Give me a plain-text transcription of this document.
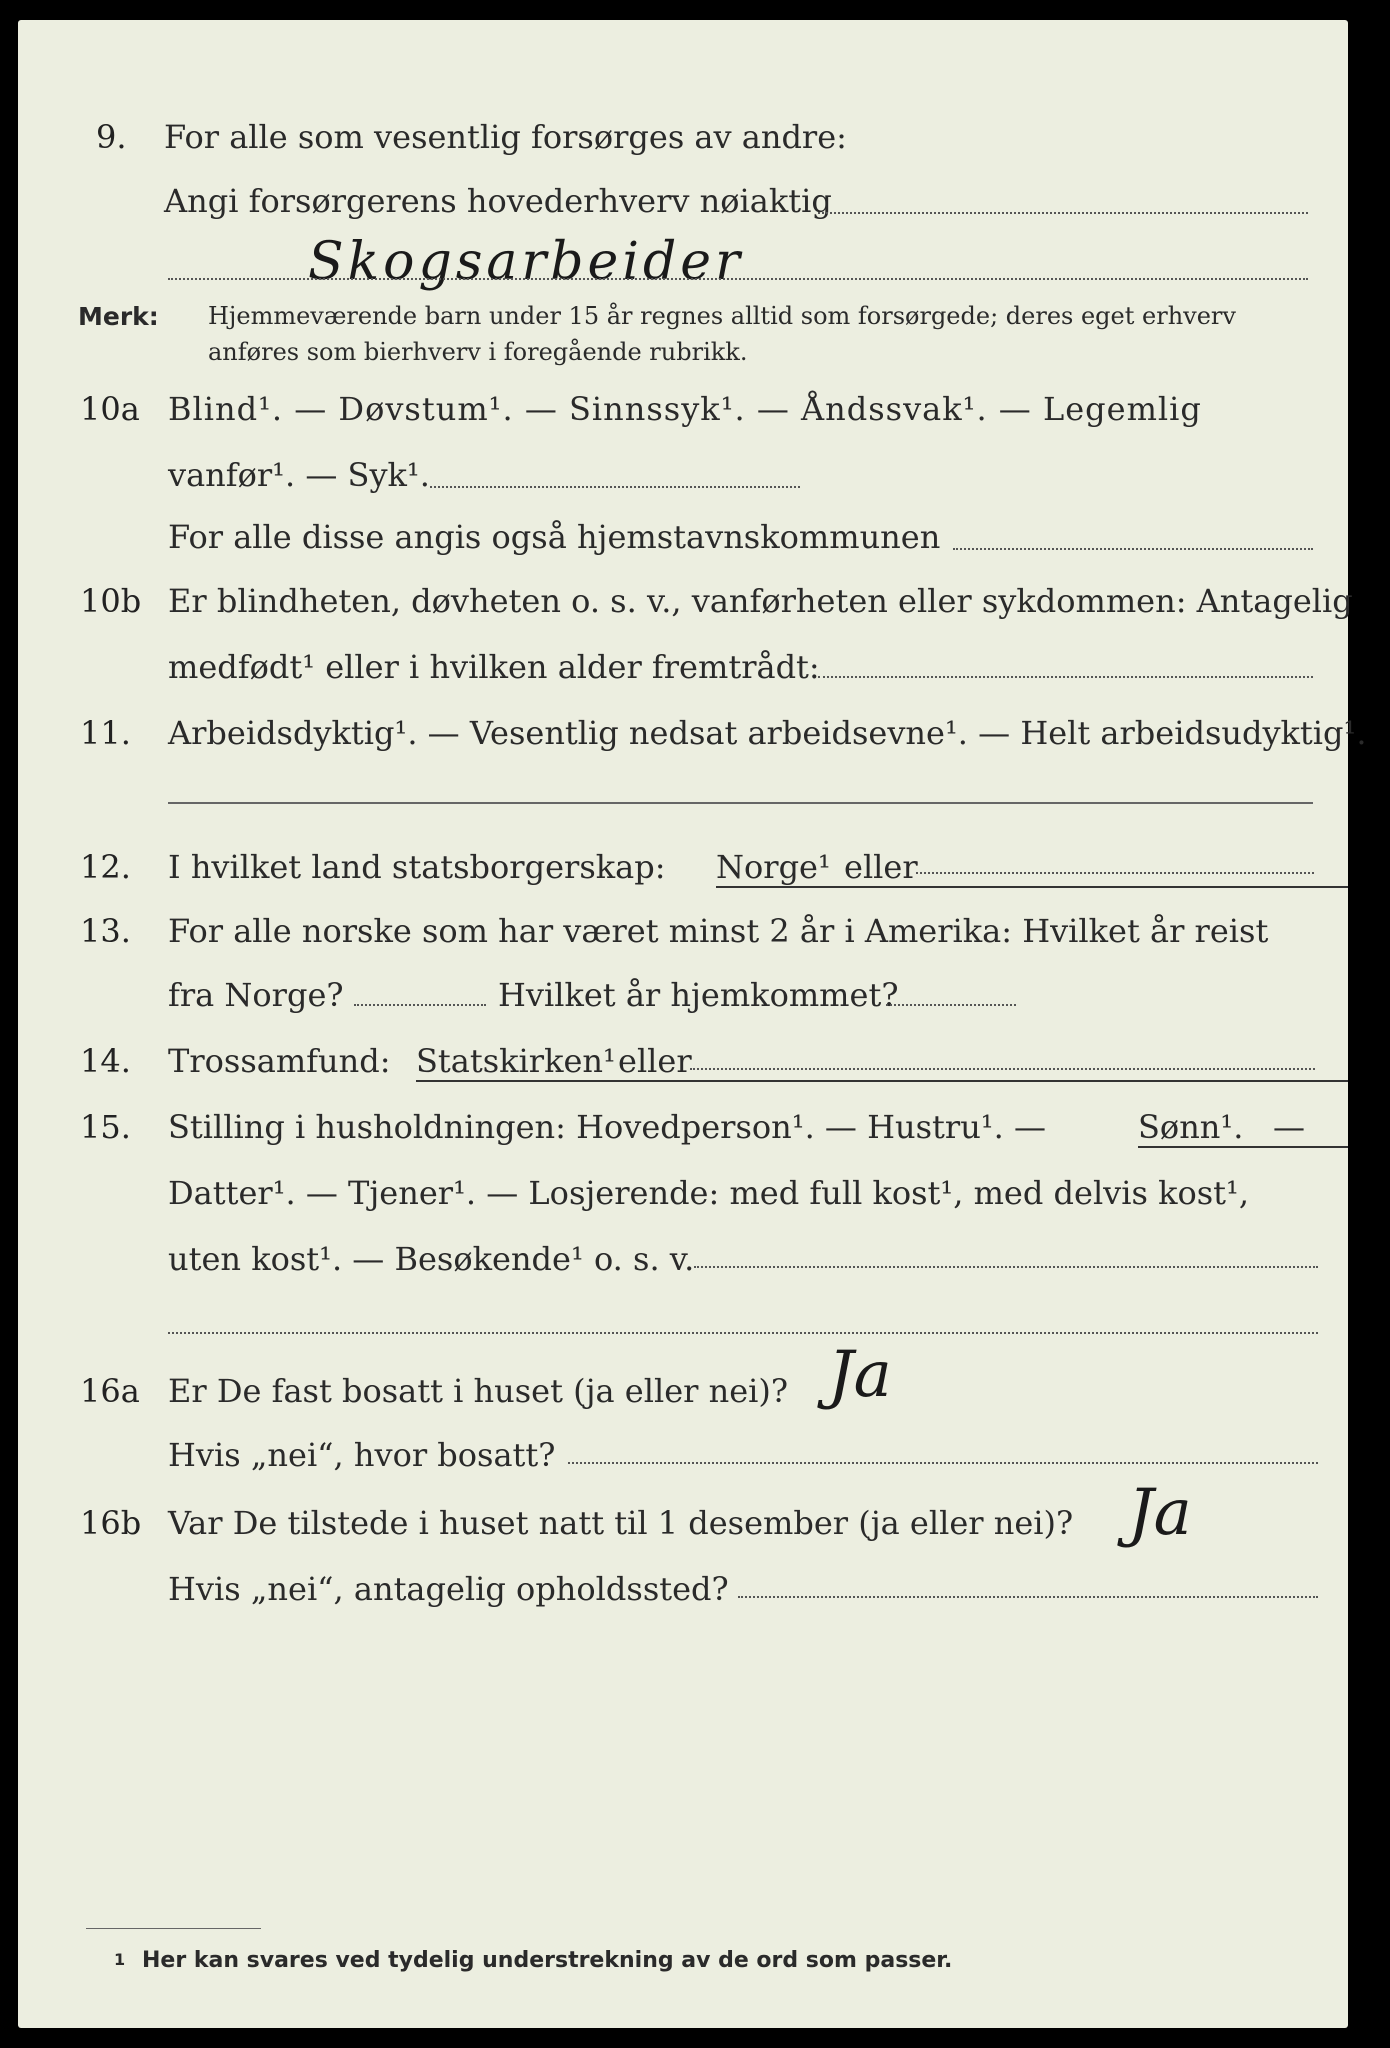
9. For alle som vesentlig forsørges av andre:
Angi forsørgerens hovederhverv nøiaktig
Skogsarbeider
Merk: Hjemmeværende barn under 15 år regnes alltid som forsørgede; deres eget erhverv
anføres som bierhverv i foregående rubrikk.
10a Blind¹. — Døvstum¹. — Sinnssyk¹. — Åndssvak¹. — Legemlig
vanfør¹. — Syk¹.
For alle disse angis også hjemstavnskommunen
10b Er blindheten, døvheten o. s. v., vanførheten eller sykdommen: Antagelig
medfødt¹ eller i hvilken alder fremtrådt:
11. Arbeidsdyktig¹. — Vesentlig nedsat arbeidsevne¹. — Helt arbeidsudyktig¹.
12. I hvilket land statsborgerskap:	Norge¹ eller
13. For alle norske som har været minst 2 år i Amerika: Hvilket år reist
fra Norge?	Hvilket år hjemkommet?
14. Trossamfund: Statskirken¹ eller
15. Stilling i husholdningen: Hovedperson¹. — Hustru¹. —	Sønn¹. —
Datter¹. — Tjener¹. — Losjerende: med full kost¹, med delvis kost¹,
uten kost¹. — Besøkende¹ o. s. v.
16a Er De fast bosatt i huset (ja eller nei)? Ja
Hvis „nei“, hvor bosatt?
16b Var De tilstede i huset natt til 1 desember (ja eller nei)? Ja
Hvis „nei“, antagelig opholdssted?
1 Her kan svares ved tydelig understrekning av de ord som passer.
